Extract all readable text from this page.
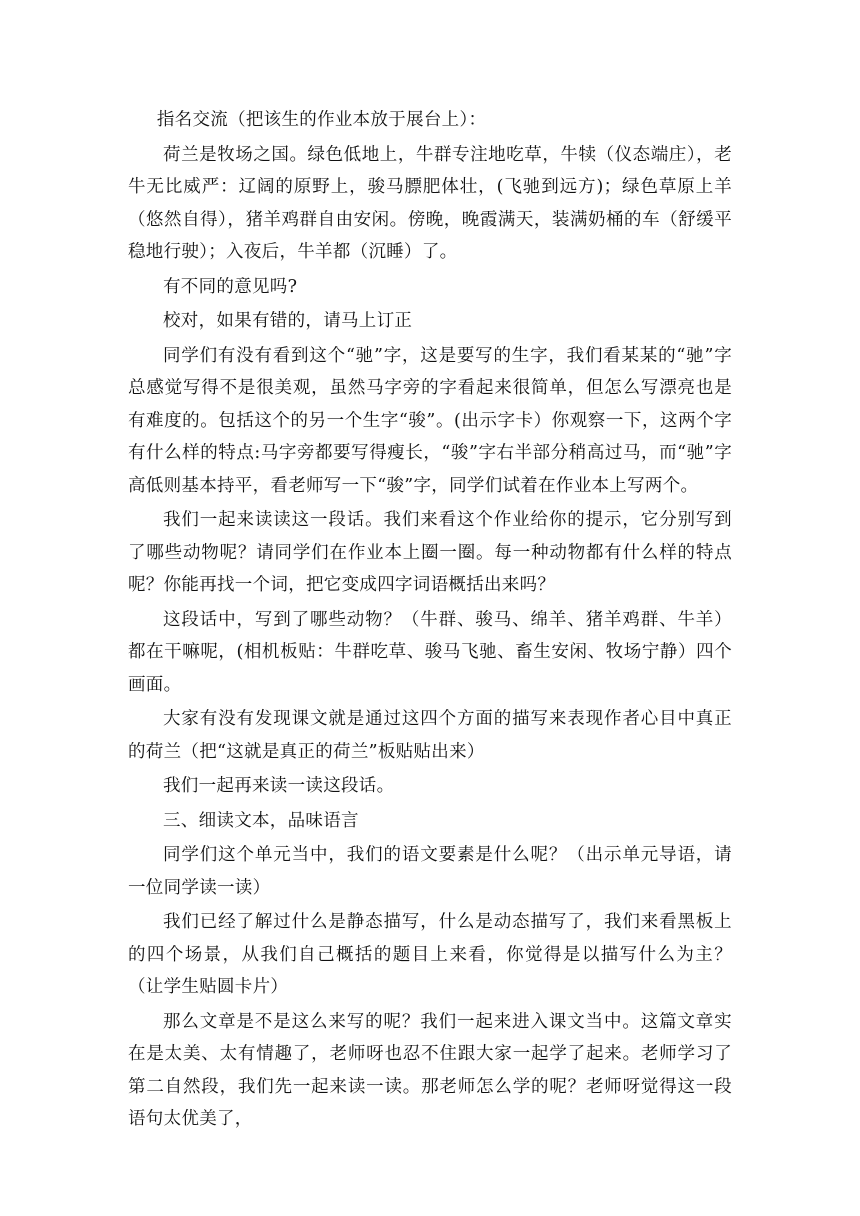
指名交流（把该生的作业本放于展台上）：

荷兰是牧场之国。绿色低地上，牛群专注地吃草，牛犊（仪态端庄），老牛无比威严：辽阔的原野上，骏马膘肥体壮，(飞驰到远方)；绿色草原上羊（悠然自得），猪羊鸡群自由安闲。傍晚，晚霞满天，装满奶桶的车（舒缓平稳地行驶）；入夜后，牛羊都（沉睡）了。

有不同的意见吗?

校对，如果有错的，请马上订正

同学们有没有看到这个“驰”字，这是要写的生字，我们看某某的“驰”字总感觉写得不是很美观，虽然马字旁的字看起来很简单，但怎么写漂亮也是有难度的。包括这个的另一个生字“骏”。(出示字卡）你观察一下，这两个字有什么样的特点:马字旁都要写得瘦长，“骏”字右半部分稍高过马，而“驰”字高低则基本持平，看老师写一下“骏”字，同学们试着在作业本上写两个。

我们一起来读读这一段话。我们来看这个作业给你的提示，它分别写到了哪些动物呢？请同学们在作业本上圈一圈。每一种动物都有什么样的特点呢？你能再找一个词，把它变成四字词语概括出来吗？

这段话中，写到了哪些动物？（牛群、骏马、绵羊、猪羊鸡群、牛羊）都在干嘛呢，(相机板贴：牛群吃草、骏马飞驰、畜生安闲、牧场宁静）四个画面。

大家有没有发现课文就是通过这四个方面的描写来表现作者心目中真正的荷兰（把“这就是真正的荷兰”板贴贴出来）

我们一起再来读一读这段话。

三、细读文本，品味语言

同学们这个单元当中，我们的语文要素是什么呢？（出示单元导语，请一位同学读一读）

我们已经了解过什么是静态描写，什么是动态描写了，我们来看黑板上的四个场景，从我们自己概括的题目上来看，你觉得是以描写什么为主？（让学生贴圆卡片）

那么文章是不是这么来写的呢？我们一起来进入课文当中。这篇文章实在是太美、太有情趣了，老师呀也忍不住跟大家一起学了起来。老师学习了第二自然段，我们先一起来读一读。那老师怎么学的呢？老师呀觉得这一段语句太优美了，
